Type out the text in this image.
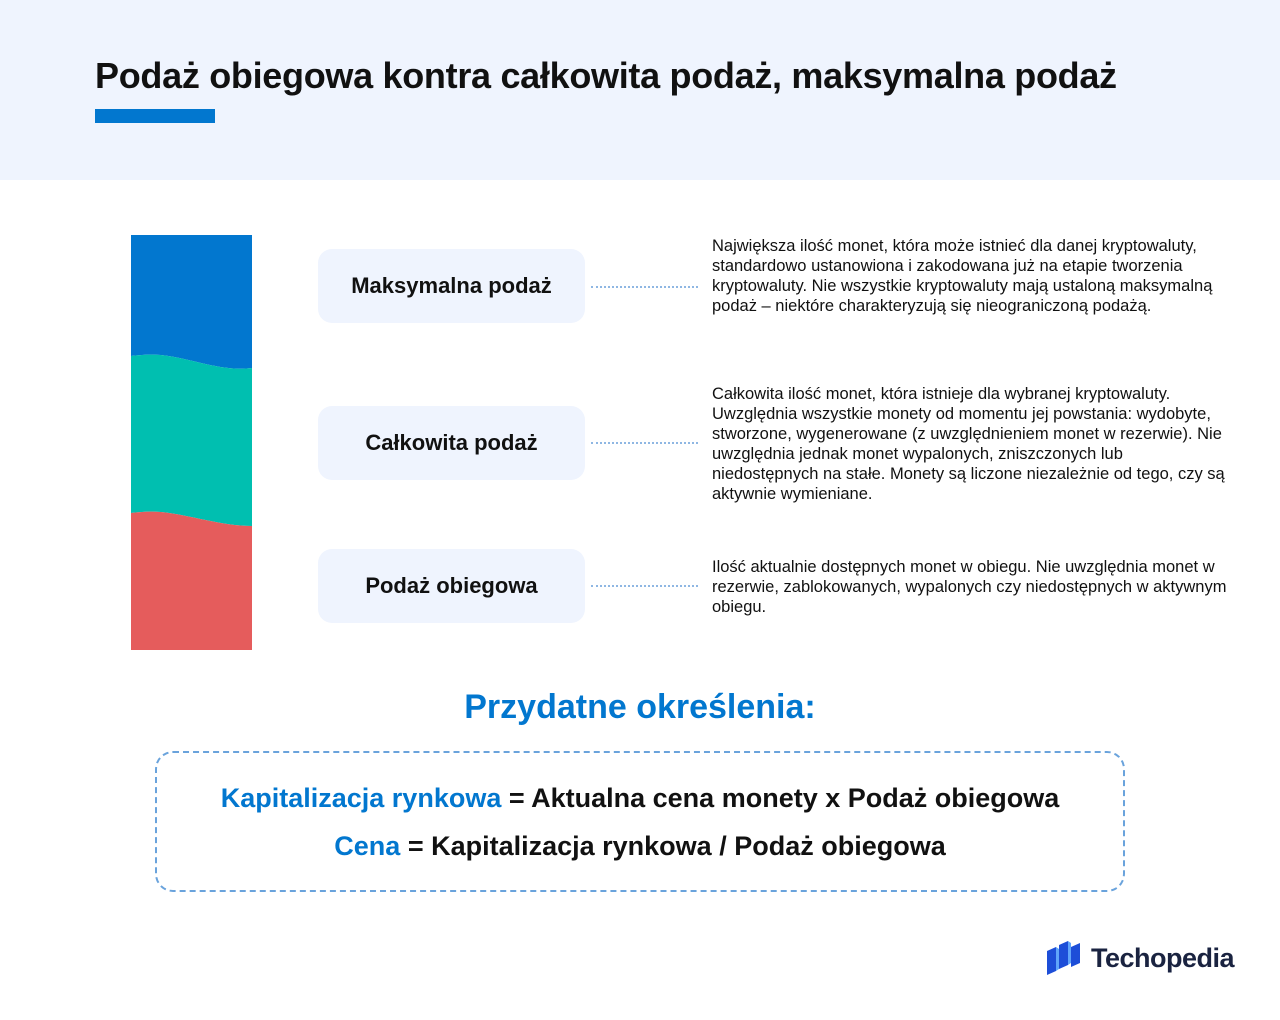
Podaż obiegowa kontra całkowita podaż, maksymalna podaż
Maksymalna podaż
Całkowita podaż
Podaż obiegowa
Największa ilość monet, która może istnieć dla danej kryptowaluty, standardowo ustanowiona i zakodowana już na etapie tworzenia kryptowaluty. Nie wszystkie kryptowaluty mają ustaloną maksymalną podaż – niektóre charakteryzują się nieograniczoną podażą.
Całkowita ilość monet, która istnieje dla wybranej kryptowaluty. Uwzględnia wszystkie monety od momentu jej powstania: wydobyte, stworzone, wygenerowane (z uwzględnieniem monet w rezerwie). Nie uwzględnia jednak monet wypalonych, zniszczonych lub niedostępnych na stałe. Monety są liczone niezależnie od tego, czy są aktywnie wymieniane.
Ilość aktualnie dostępnych monet w obiegu. Nie uwzględnia monet w rezerwie, zablokowanych, wypalonych czy niedostępnych w aktywnym obiegu.
Przydatne określenia:
Kapitalizacja rynkowa = Aktualna cena monety x Podaż obiegowa
Cena = Kapitalizacja rynkowa / Podaż obiegowa
Techopedia
